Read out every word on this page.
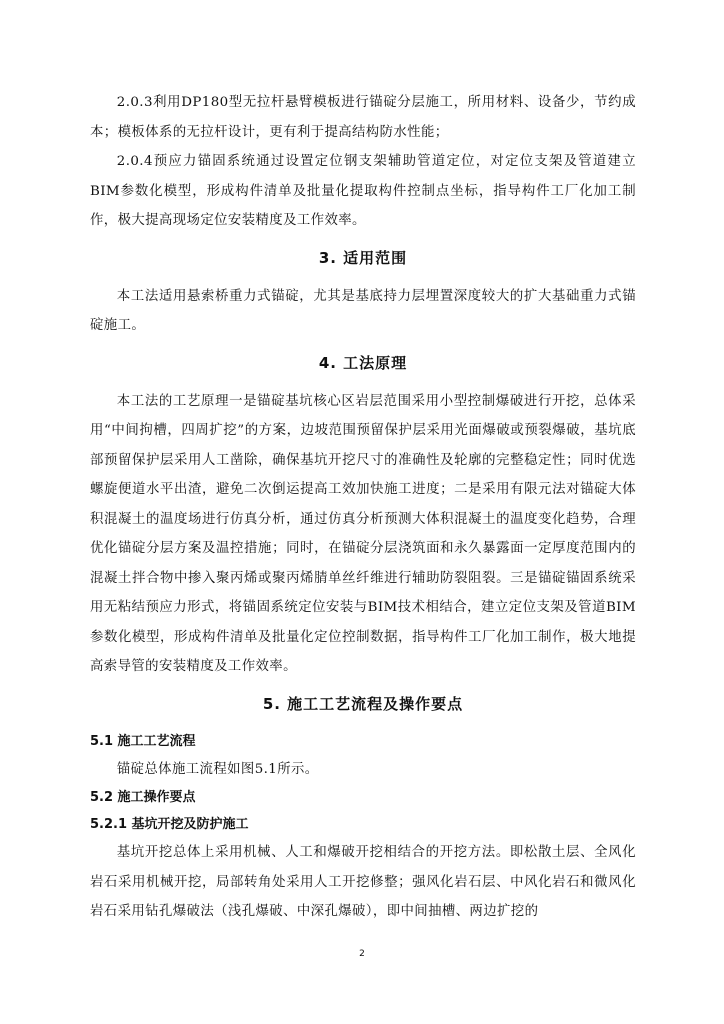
2.0.3利用DP180型无拉杆悬臂模板进行锚碇分层施工，所用材料、设备少，节约成本；模板体系的无拉杆设计，更有利于提高结构防水性能；

2.0.4预应力锚固系统通过设置定位钢支架辅助管道定位，对定位支架及管道建立BIM参数化模型，形成构件清单及批量化提取构件控制点坐标，指导构件工厂化加工制作，极大提高现场定位安装精度及工作效率。

3. 适用范围

本工法适用悬索桥重力式锚碇，尤其是基底持力层埋置深度较大的扩大基础重力式锚碇施工。

4. 工法原理

本工法的工艺原理一是锚碇基坑核心区岩层范围采用小型控制爆破进行开挖，总体采用“中间拘槽，四周扩挖”的方案，边坡范围预留保护层采用光面爆破或预裂爆破，基坑底部预留保护层采用人工凿除，确保基坑开挖尺寸的准确性及轮廓的完整稳定性；同时优选螺旋便道水平出渣，避免二次倒运提高工效加快施工进度；二是采用有限元法对锚碇大体积混凝土的温度场进行仿真分析，通过仿真分析预测大体积混凝土的温度变化趋势，合理优化锚碇分层方案及温控措施；同时，在锚碇分层浇筑面和永久暴露面一定厚度范围内的混凝土拌合物中掺入聚丙烯或聚丙烯腈单丝纤维进行辅助防裂阻裂。三是锚碇锚固系统采用无粘结预应力形式，将锚固系统定位安装与BIM技术相结合，建立定位支架及管道BIM参数化模型，形成构件清单及批量化定位控制数据，指导构件工厂化加工制作，极大地提高索导管的安装精度及工作效率。

5. 施工工艺流程及操作要点

5.1 施工工艺流程

锚碇总体施工流程如图5.1所示。

5.2 施工操作要点

5.2.1 基坑开挖及防护施工

基坑开挖总体上采用机械、人工和爆破开挖相结合的开挖方法。即松散土层、全风化岩石采用机械开挖，局部转角处采用人工开挖修整；强风化岩石层、中风化岩石和微风化岩石采用钻孔爆破法（浅孔爆破、中深孔爆破），即中间抽槽、两边扩挖的

2
